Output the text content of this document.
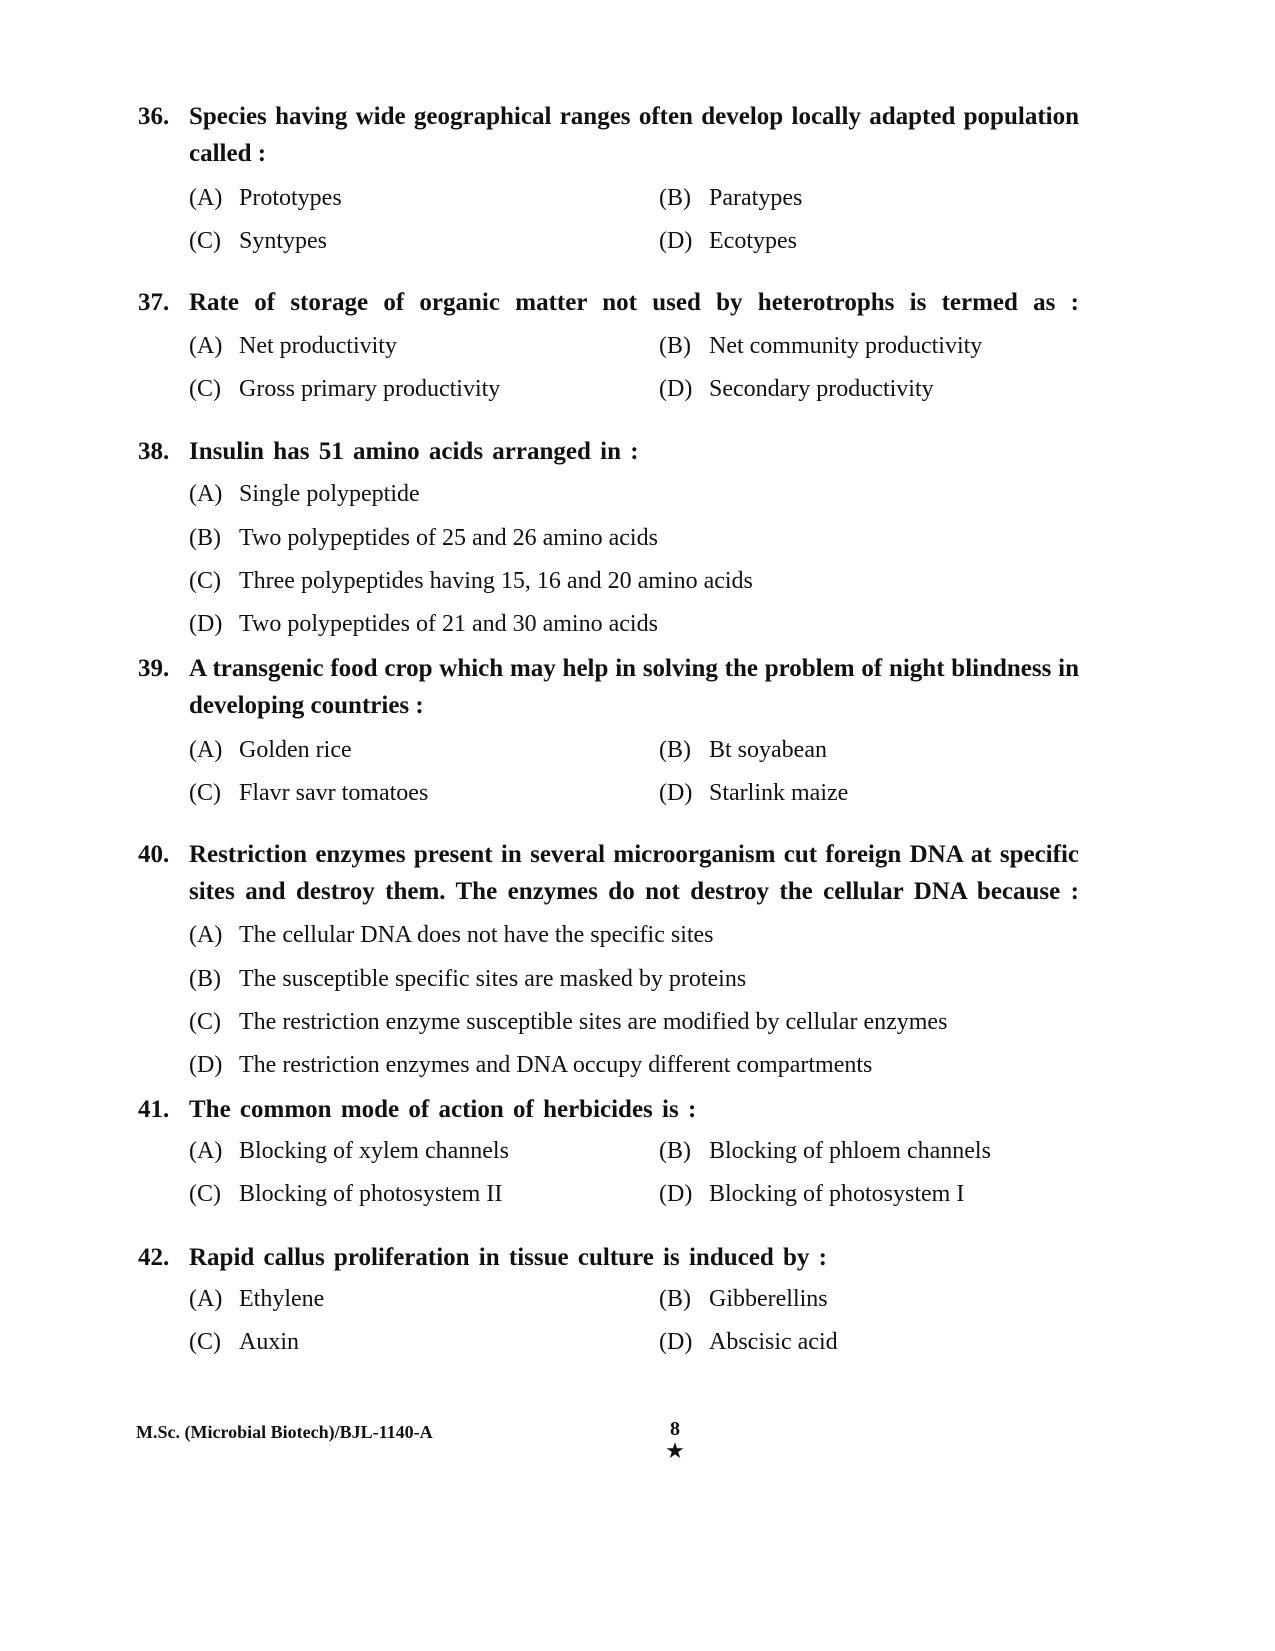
36. Species having wide geographical ranges often develop locally adapted population called :
(A) Prototypes	(B) Paratypes
(C) Syntypes	(D) Ecotypes
37. Rate of storage of organic matter not used by heterotrophs is termed as :
(A) Net productivity	(B) Net community productivity
(C) Gross primary productivity	(D) Secondary productivity
38. Insulin has 51 amino acids arranged in :
(A) Single polypeptide
(B) Two polypeptides of 25 and 26 amino acids
(C) Three polypeptides having 15, 16 and 20 amino acids
(D) Two polypeptides of 21 and 30 amino acids
39. A transgenic food crop which may help in solving the problem of night blindness in developing countries :
(A) Golden rice	(B) Bt soyabean
(C) Flavr savr tomatoes	(D) Starlink maize
40. Restriction enzymes present in several microorganism cut foreign DNA at specific sites and destroy them. The enzymes do not destroy the cellular DNA because :
(A) The cellular DNA does not have the specific sites
(B) The susceptible specific sites are masked by proteins
(C) The restriction enzyme susceptible sites are modified by cellular enzymes
(D) The restriction enzymes and DNA occupy different compartments
41. The common mode of action of herbicides is :
(A) Blocking of xylem channels	(B) Blocking of phloem channels
(C) Blocking of photosystem II	(D) Blocking of photosystem I
42. Rapid callus proliferation in tissue culture is induced by :
(A) Ethylene	(B) Gibberellins
(C) Auxin	(D) Abscisic acid
M.Sc. (Microbial Biotech)/BJL-1140-A	8
★
